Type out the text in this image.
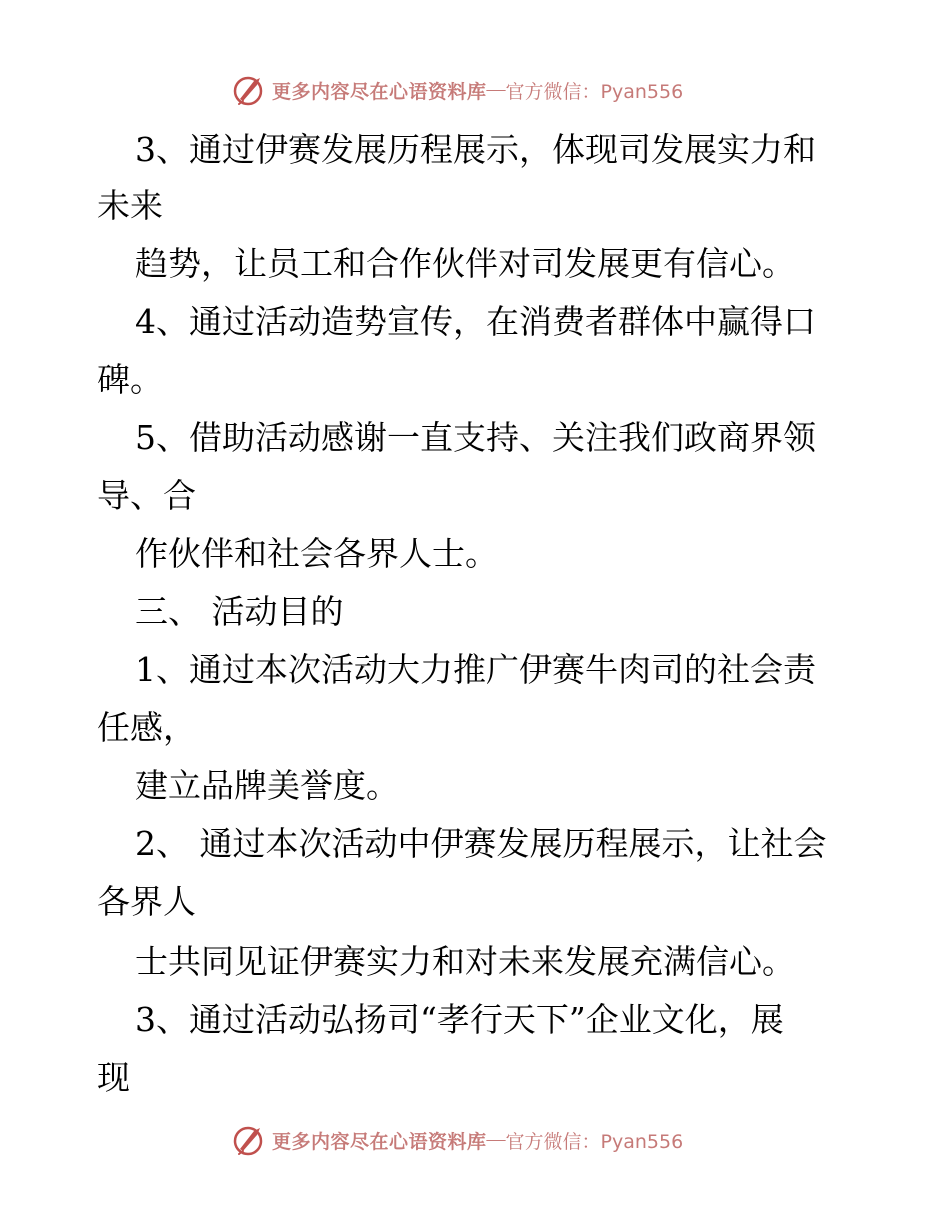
更多内容尽在心语资料库 — 官方微信：Pyan556

3、通过伊赛发展历程展示，体现司发展实力和

未来

趋势，让员工和合作伙伴对司发展更有信心。

4、通过活动造势宣传，在消费者群体中赢得口

碑。

5、借助活动感谢一直支持、关注我们政商界领

导、合

作伙伴和社会各界人士。

三、 活动目的

1、通过本次活动大力推广伊赛牛肉司的社会责

任感，

建立品牌美誉度。

2、 通过本次活动中伊赛发展历程展示，让社会

各界人

士共同见证伊赛实力和对未来发展充满信心。

3、通过活动弘扬司“孝行天下”企业文化，展

现

更多内容尽在心语资料库 — 官方微信：Pyan556
